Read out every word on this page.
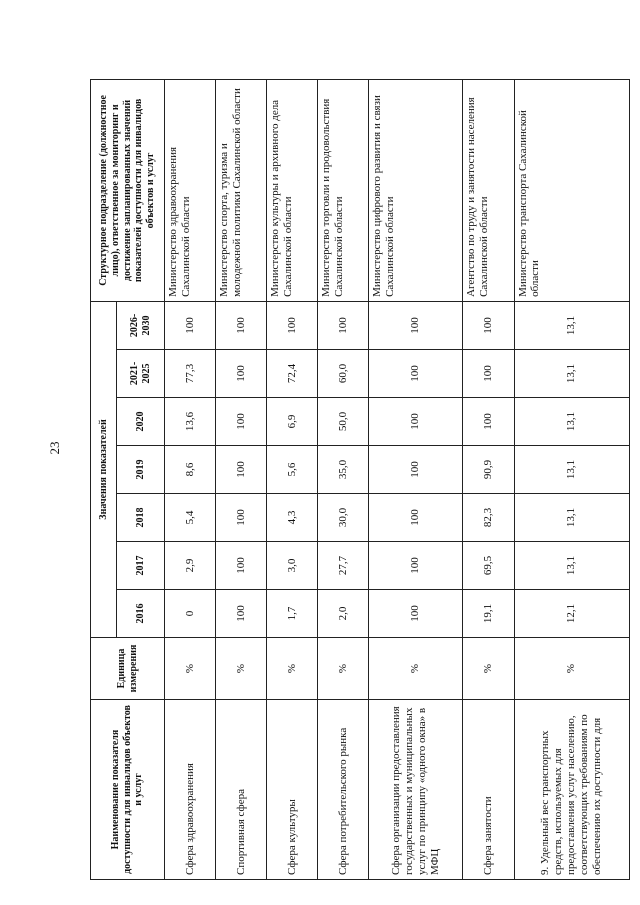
23
Наименование показателя доступности для инвалидов объектов и услуг	Единица измерения	Значения показателей							Структурное подразделение (должностное лицо), ответственное за мониторинг и достижение запланированных значений показателей доступности для инвалидов объектов и услуг
		2016	2017	2018	2019	2020	2021-2025	2026-2030	
Сфера здравоохранения	%	0	2,9	5,4	8,6	13,6	77,3	100	Министерство здравоохранения Сахалинской области
Спортивная сфера	%	100	100	100	100	100	100	100	Министерство спорта, туризма и молодежной политики Сахалинской области
Сфера культуры	%	1,7	3,0	4,3	5,6	6,9	72,4	100	Министерство культуры и архивного дела Сахалинской области
Сфера потребительского рынка	%	2,0	27,7	30,0	35,0	50,0	60,0	100	Министерство торговли и продовольствия Сахалинской области
Сфера организации предоставления государственных и муниципальных услуг по принципу «одного окна» в МФЦ	%	100	100	100	100	100	100	100	Министерство цифрового развития и связи Сахалинской области
Сфера занятости	%	19,1	69,5	82,3	90,9	100	100	100	Агентство по труду и занятости населения Сахалинской области
9. Удельный вес транспортных средств, используемых для предоставления услуг населению, соответствующих требованиям по обеспечению их доступности для	%	12,1	13,1	13,1	13,1	13,1	13,1	13,1	Министерство транспорта Сахалинской области
